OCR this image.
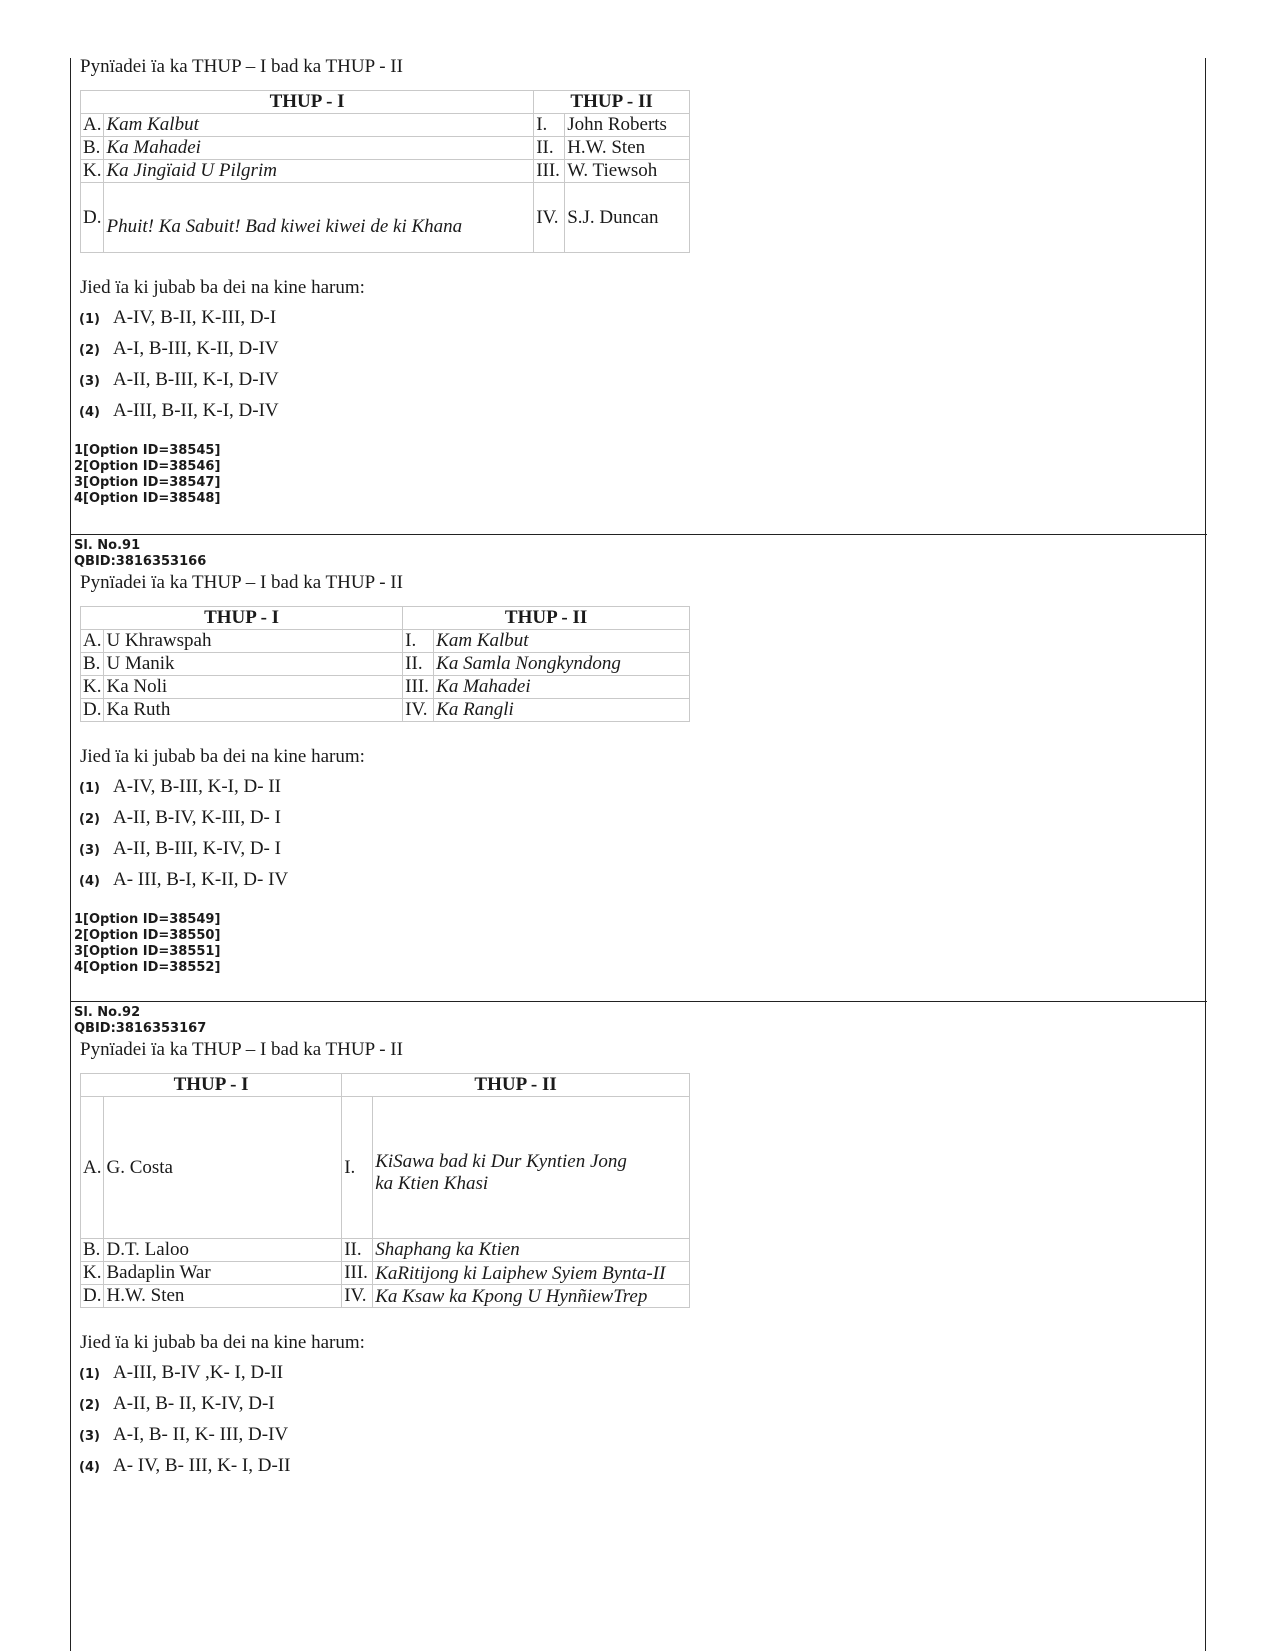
Pynïadei ïa ka THUP – I bad ka THUP - II
THUP - I		THUP - II	
A.	Kam Kalbut	I.	John Roberts
B.	Ka Mahadei	II.	H.W. Sten
K.	Ka Jingïaid U Pilgrim	III.	W. Tiewsoh
D.	Phuit! Ka Sabuit! Bad kiwei kiwei de ki Khana	IV.	S.J. Duncan
Jied ïa ki jubab ba dei na kine harum:
(1) A-IV, B-II, K-III, D-I
(2) A-I, B-III, K-II, D-IV
(3) A-II, B-III, K-I, D-IV
(4) A-III, B-II, K-I, D-IV
1[Option ID=38545]
2[Option ID=38546]
3[Option ID=38547]
4[Option ID=38548]
Sl. No.91
QBID:3816353166
Pynïadei ïa ka THUP – I bad ka THUP - II
THUP - I		THUP - II	
A.	U Khrawspah	I.	Kam Kalbut
B.	U Manik	II.	Ka Samla Nongkyndong
K.	Ka Noli	III.	Ka Mahadei
D.	Ka Ruth	IV.	Ka Rangli
Jied ïa ki jubab ba dei na kine harum:
(1) A-IV, B-III, K-I, D- II
(2) A-II, B-IV, K-III, D- I
(3) A-II, B-III, K-IV, D- I
(4) A- III, B-I, K-II, D- IV
1[Option ID=38549]
2[Option ID=38550]
3[Option ID=38551]
4[Option ID=38552]
Sl. No.92
QBID:3816353167
Pynïadei ïa ka THUP – I bad ka THUP - II
THUP - I		THUP - II	
A.	G. Costa	I.	KiSawa bad ki Dur Kyntien Jong
ka Ktien Khasi

B.	D.T. Laloo	II.	Shaphang ka Ktien
K.	Badaplin War	III.	KaRitijong ki Laiphew Syiem Bynta-II
D.	H.W. Sten	IV.	Ka Ksaw ka Kpong U HynñiewTrep
Jied ïa ki jubab ba dei na kine harum:
(1) A-III, B-IV ,K- I, D-II
(2) A-II, B- II, K-IV, D-I
(3) A-I, B- II, K- III, D-IV
(4) A- IV, B- III, K- I, D-II
